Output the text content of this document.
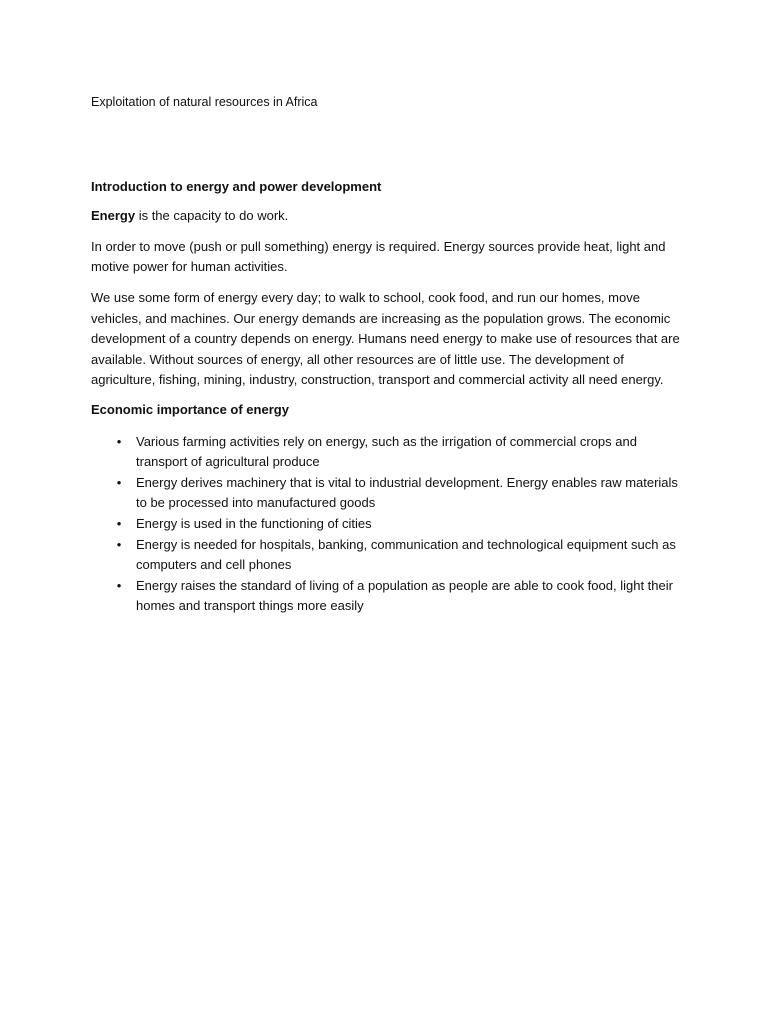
Exploitation of natural resources in Africa
Introduction to energy and power development

Energy is the capacity to do work.

In order to move (push or pull something) energy is required. Energy sources provide heat, light and motive power for human activities.

We use some form of energy every day; to walk to school, cook food, and run our homes, move vehicles, and machines. Our energy demands are increasing as the population grows. The economic development of a country depends on energy. Humans need energy to make use of resources that are available. Without sources of energy, all other resources are of little use. The development of agriculture, fishing, mining, industry, construction, transport and commercial activity all need energy.

Economic importance of energy

• Various farming activities rely on energy, such as the irrigation of commercial crops and transport of agricultural produce
• Energy derives machinery that is vital to industrial development. Energy enables raw materials to be processed into manufactured goods
• Energy is used in the functioning of cities
• Energy is needed for hospitals, banking, communication and technological equipment such as computers and cell phones
• Energy raises the standard of living of a population as people are able to cook food, light their homes and transport things more easily
